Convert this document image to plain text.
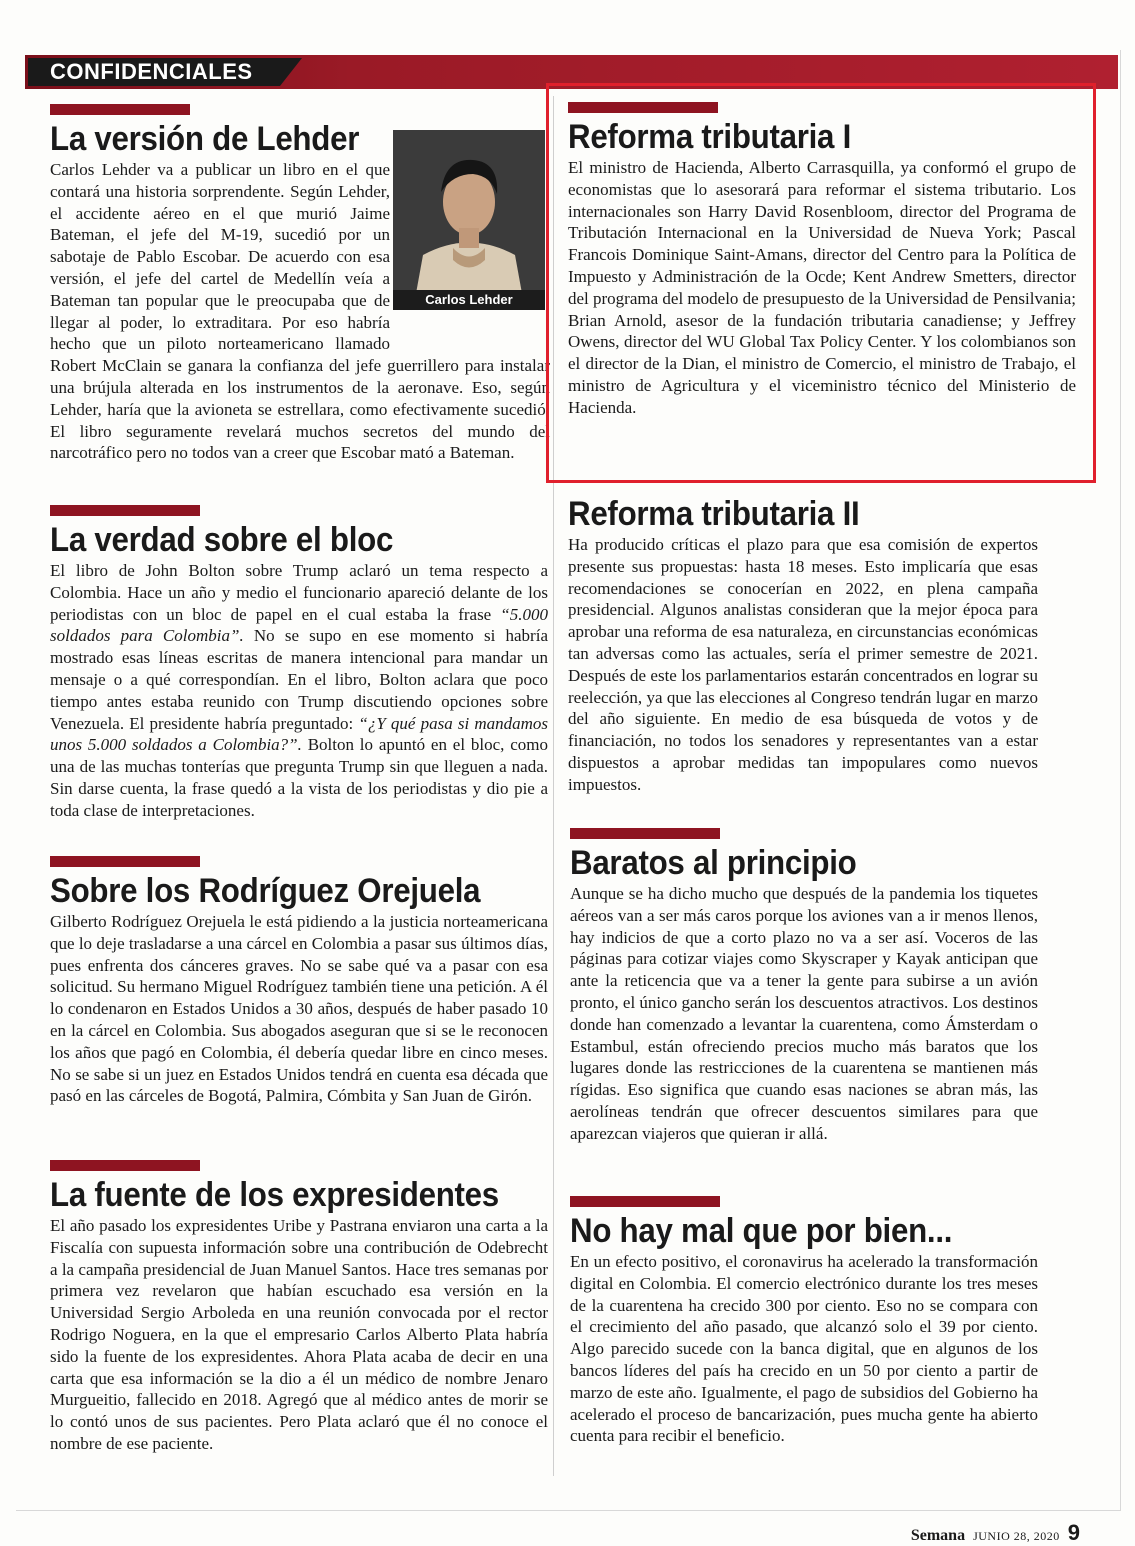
CONFIDENCIALES
La versión de Lehder

Carlos Lehder va a publicar un libro en el que contará una historia sorprendente. Según Lehder, el accidente aéreo en el que murió Jaime Bateman, el jefe del M-19, sucedió por un sabotaje de Pablo Escobar. De acuerdo con esa versión, el jefe del cartel de Medellín veía a Bateman tan popular que le preocupaba que de llegar al poder, lo extraditara. Por eso habría hecho que un piloto norteamericano llamado Robert McClain se ganara la confianza del jefe guerrillero para instalar una brújula alterada en los instrumentos de la aeronave. Eso, según Lehder, haría que la avioneta se estrellara, como efectivamente sucedió. El libro seguramente revelará muchos secretos del mundo del narcotráfico pero no todos van a creer que Escobar mató a Bateman.

Carlos Lehder
La verdad sobre el bloc

El libro de John Bolton sobre Trump aclaró un tema respecto a Colombia. Hace un año y medio el funcionario apareció delante de los periodistas con un bloc de papel en el cual estaba la frase “5.000 soldados para Colombia”. No se supo en ese momento si habría mostrado esas líneas escritas de manera intencional para mandar un mensaje o a qué correspondían. En el libro, Bolton aclara que poco tiempo antes estaba reunido con Trump discutiendo opciones sobre Venezuela. El presidente habría preguntado: “¿Y qué pasa si mandamos unos 5.000 soldados a Colombia?”. Bolton lo apuntó en el bloc, como una de las muchas tonterías que pregunta Trump sin que lleguen a nada. Sin darse cuenta, la frase quedó a la vista de los periodistas y dio pie a toda clase de interpretaciones.

Sobre los Rodríguez Orejuela

Gilberto Rodríguez Orejuela le está pidiendo a la justicia norteamericana que lo deje trasladarse a una cárcel en Colombia a pasar sus últimos días, pues enfrenta dos cánceres graves. No se sabe qué va a pasar con esa solicitud. Su hermano Miguel Rodríguez también tiene una petición. A él lo condenaron en Estados Unidos a 30 años, después de haber pasado 10 en la cárcel en Colombia. Sus abogados aseguran que si se le reconocen los años que pagó en Colombia, él debería quedar libre en cinco meses. No se sabe si un juez en Estados Unidos tendrá en cuenta esa década que pasó en las cárceles de Bogotá, Palmira, Cómbita y San Juan de Girón.

La fuente de los expresidentes

El año pasado los expresidentes Uribe y Pastrana enviaron una carta a la Fiscalía con supuesta información sobre una contribución de Odebrecht a la campaña presidencial de Juan Manuel Santos. Hace tres semanas por primera vez revelaron que habían escuchado esa versión en la Universidad Sergio Arboleda en una reunión convocada por el rector Rodrigo Noguera, en la que el empresario Carlos Alberto Plata habría sido la fuente de los expresidentes. Ahora Plata acaba de decir en una carta que esa información se la dio a él un médico de nombre Jenaro Murgueitio, fallecido en 2018. Agregó que al médico antes de morir se lo contó unos de sus pacientes. Pero Plata aclaró que él no conoce el nombre de ese paciente.

Reforma tributaria I

El ministro de Hacienda, Alberto Carrasquilla, ya conformó el grupo de economistas que lo asesorará para reformar el sistema tributario. Los internacionales son Harry David Rosenbloom, director del Programa de Tributación Internacional en la Universidad de Nueva York; Pascal Francois Dominique Saint-Amans, director del Centro para la Política de Impuesto y Administración de la Ocde; Kent Andrew Smetters, director del programa del modelo de presupuesto de la Universidad de Pensilvania; Brian Arnold, asesor de la fundación tributaria canadiense; y Jeffrey Owens, director del WU Global Tax Policy Center. Y los colombianos son el director de la Dian, el ministro de Comercio, el ministro de Trabajo, el ministro de Agricultura y el viceministro técnico del Ministerio de Hacienda.

Reforma tributaria II

Ha producido críticas el plazo para que esa comisión de expertos presente sus propuestas: hasta 18 meses. Esto implicaría que esas recomendaciones se conocerían en 2022, en plena campaña presidencial. Algunos analistas consideran que la mejor época para aprobar una reforma de esa naturaleza, en circunstancias económicas tan adversas como las actuales, sería el primer semestre de 2021. Después de este los parlamentarios estarán concentrados en lograr su reelección, ya que las elecciones al Congreso tendrán lugar en marzo del año siguiente. En medio de esa búsqueda de votos y de financiación, no todos los senadores y representantes van a estar dispuestos a aprobar medidas tan impopulares como nuevos impuestos.

Baratos al principio

Aunque se ha dicho mucho que después de la pandemia los tiquetes aéreos van a ser más caros porque los aviones van a ir menos llenos, hay indicios de que a corto plazo no va a ser así. Voceros de las páginas para cotizar viajes como Skyscraper y Kayak anticipan que ante la reticencia que va a tener la gente para subirse a un avión pronto, el único gancho serán los descuentos atractivos. Los destinos donde han comenzado a levantar la cuarentena, como Ámsterdam o Estambul, están ofreciendo precios mucho más baratos que los lugares donde las restricciones de la cuarentena se mantienen más rígidas. Eso significa que cuando esas naciones se abran más, las aerolíneas tendrán que ofrecer descuentos similares para que aparezcan viajeros que quieran ir allá.

No hay mal que por bien...

En un efecto positivo, el coronavirus ha acelerado la transformación digital en Colombia. El comercio electrónico durante los tres meses de la cuarentena ha crecido 300 por ciento. Eso no se compara con el crecimiento del año pasado, que alcanzó solo el 39 por ciento. Algo parecido sucede con la banca digital, que en algunos de los bancos líderes del país ha crecido en un 50 por ciento a partir de marzo de este año. Igualmente, el pago de subsidios del Gobierno ha acelerado el proceso de bancarización, pues mucha gente ha abierto cuenta para recibir el beneficio.

Semana JUNIO 28, 2020 9
